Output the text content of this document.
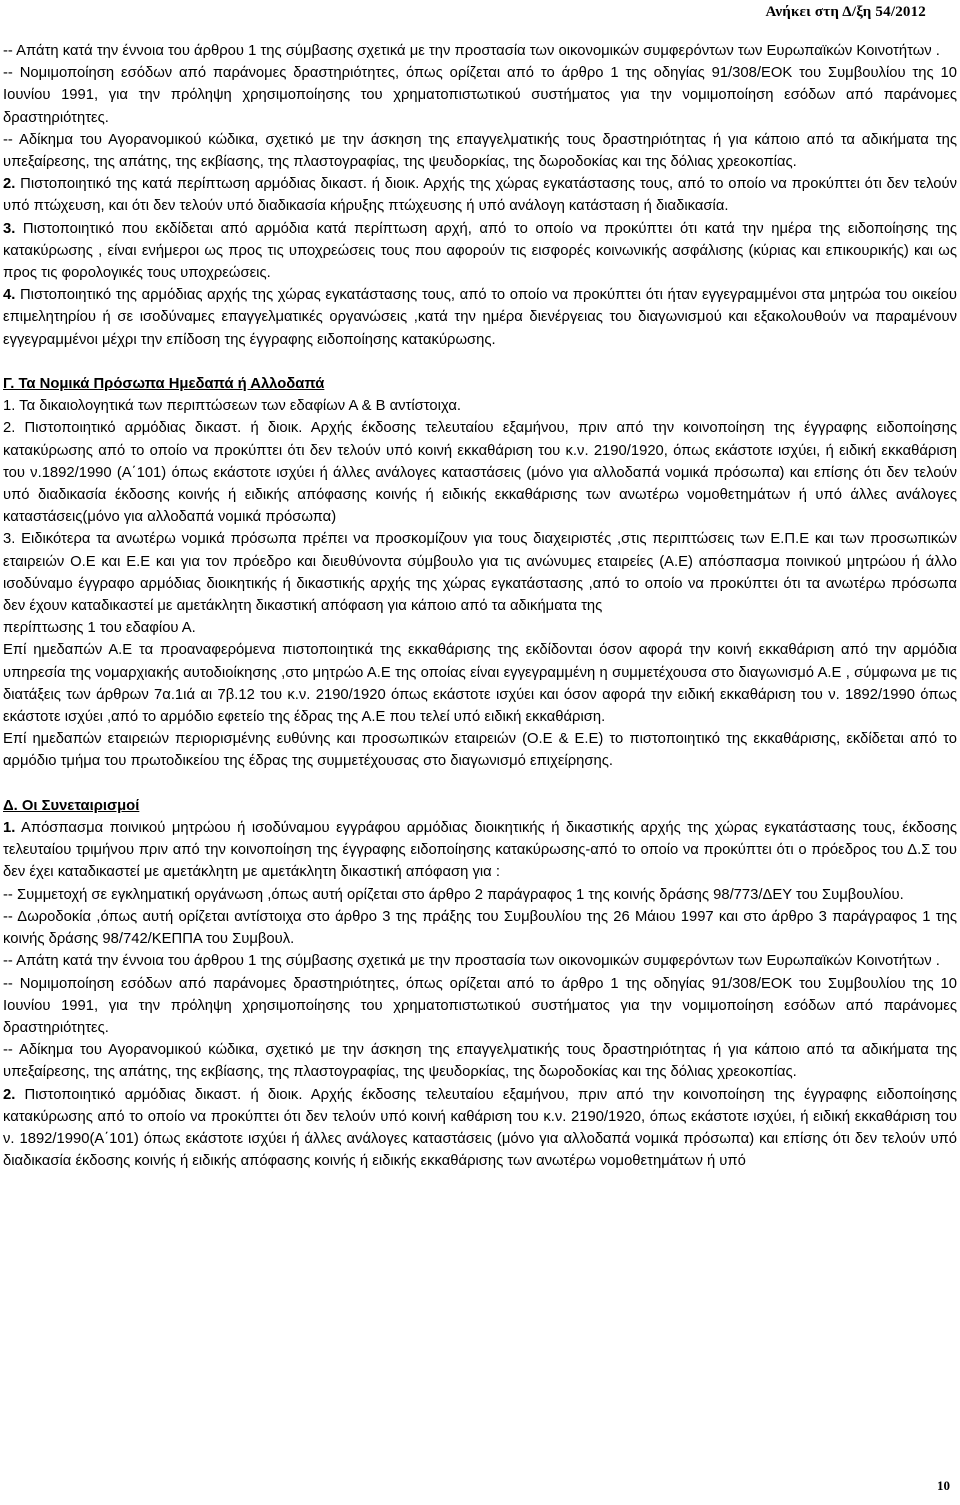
Ανήκει στη Δ/ξη 54/2012

-- Απάτη κατά την έννοια του άρθρου 1 της σύμβασης σχετικά με την προστασία των οικονομικών συμφερόντων των Ευρωπαϊκών Κοινοτήτων .

-- Νομιμοποίηση εσόδων από παράνομες δραστηριότητες, όπως ορίζεται από το άρθρο 1 της οδηγίας 91/308/ΕΟΚ του Συμβουλίου της 10 Ιουνίου 1991, για την πρόληψη χρησιμοποίησης του χρηματοπιστωτικού συστήματος για την νομιμοποίηση εσόδων από παράνομες δραστηριότητες.

-- Αδίκημα του Αγορανομικού κώδικα, σχετικό με την άσκηση της επαγγελματικής τους δραστηριότητας ή για κάποιο από τα αδικήματα της υπεξαίρεσης, της απάτης, της εκβίασης, της πλαστογραφίας, της ψευδορκίας, της δωροδοκίας και της δόλιας χρεοκοπίας.

2. Πιστοποιητικό της κατά περίπτωση αρμόδιας δικαστ. ή διοικ. Αρχής της χώρας εγκατάστασης τους, από το οποίο να προκύπτει ότι δεν τελούν υπό πτώχευση, και ότι δεν τελούν υπό διαδικασία κήρυξης πτώχευσης ή υπό ανάλογη κατάσταση ή διαδικασία.

3. Πιστοποιητικό που εκδίδεται από αρμόδια κατά περίπτωση αρχή, από το οποίο να προκύπτει ότι κατά την ημέρα της ειδοποίησης της κατακύρωσης , είναι ενήμεροι ως προς τις υποχρεώσεις τους που αφορούν τις εισφορές κοινωνικής ασφάλισης (κύριας και επικουρικής) και ως προς τις φορολογικές τους υποχρεώσεις.

4. Πιστοποιητικό της αρμόδιας αρχής της χώρας εγκατάστασης τους, από το οποίο να προκύπτει ότι ήταν εγγεγραμμένοι στα μητρώα του οικείου επιμελητηρίου ή σε ισοδύναμες επαγγελματικές οργανώσεις ,κατά την ημέρα διενέργειας του διαγωνισμού και εξακολουθούν να παραμένουν εγγεγραμμένοι μέχρι την επίδοση της έγγραφης ειδοποίησης κατακύρωσης.

Γ. Τα Νομικά Πρόσωπα Ημεδαπά ή Αλλοδαπά

1. Τα δικαιολογητικά των περιπτώσεων των εδαφίων Α & Β αντίστοιχα.

2. Πιστοποιητικό αρμόδιας δικαστ. ή διοικ. Αρχής έκδοσης τελευταίου εξαμήνου, πριν από την κοινοποίηση της έγγραφης ειδοποίησης κατακύρωσης από το οποίο να προκύπτει ότι δεν τελούν υπό κοινή εκκαθάριση του κ.ν. 2190/1920, όπως εκάστοτε ισχύει, ή ειδική εκκαθάριση του ν.1892/1990 (Α΄101) όπως εκάστοτε ισχύει ή άλλες ανάλογες καταστάσεις (μόνο για αλλοδαπά νομικά πρόσωπα) και επίσης ότι δεν τελούν υπό διαδικασία έκδοσης κοινής ή ειδικής απόφασης κοινής ή ειδικής εκκαθάρισης των ανωτέρω νομοθετημάτων ή υπό άλλες ανάλογες καταστάσεις(μόνο για αλλοδαπά νομικά πρόσωπα)

3. Ειδικότερα τα ανωτέρω νομικά πρόσωπα πρέπει να προσκομίζουν για τους διαχειριστές ,στις περιπτώσεις των Ε.Π.Ε και των προσωπικών εταιρειών Ο.Ε και Ε.Ε και για τον πρόεδρο και διευθύνοντα σύμβουλο για τις ανώνυμες εταιρείες (Α.Ε) απόσπασμα ποινικού μητρώου ή άλλο ισοδύναμο έγγραφο αρμόδιας διοικητικής ή δικαστικής αρχής της χώρας εγκατάστασης ,από το οποίο να προκύπτει ότι τα ανωτέρω πρόσωπα δεν έχουν καταδικαστεί με αμετάκλητη δικαστική απόφαση για κάποιο από τα αδικήματα της

περίπτωσης 1 του εδαφίου Α.

Επί ημεδαπών Α.Ε τα προαναφερόμενα πιστοποιητικά της εκκαθάρισης της εκδίδονται όσον αφορά την κοινή εκκαθάριση από την αρμόδια υπηρεσία της νομαρχιακής αυτοδιοίκησης ,στο μητρώο Α.Ε της οποίας είναι εγγεγραμμένη η συμμετέχουσα στο διαγωνισμό Α.Ε , σύμφωνα με τις διατάξεις των άρθρων 7α.1ιά αι 7β.12 του κ.ν. 2190/1920 όπως εκάστοτε ισχύει και όσον αφορά την ειδική εκκαθάριση του ν. 1892/1990 όπως εκάστοτε ισχύει ,από το αρμόδιο εφετείο της έδρας της Α.Ε που τελεί υπό ειδική εκκαθάριση.

Επί ημεδαπών εταιρειών περιορισμένης ευθύνης και προσωπικών εταιρειών (Ο.Ε & Ε.Ε) το πιστοποιητικό της εκκαθάρισης, εκδίδεται από το αρμόδιο τμήμα του πρωτοδικείου της έδρας της συμμετέχουσας στο διαγωνισμό επιχείρησης.

Δ. Οι Συνεταιρισμοί

1. Απόσπασμα ποινικού μητρώου ή ισοδύναμου εγγράφου αρμόδιας διοικητικής ή δικαστικής αρχής της χώρας εγκατάστασης τους, έκδοσης τελευταίου τριμήνου πριν από την κοινοποίηση της έγγραφης ειδοποίησης κατακύρωσης-από το οποίο να προκύπτει ότι ο πρόεδρος του Δ.Σ του δεν έχει καταδικαστεί με αμετάκλητη με αμετάκλητη δικαστική απόφαση για :

-- Συμμετοχή σε εγκληματική οργάνωση ,όπως αυτή ορίζεται στο άρθρο 2 παράγραφος 1 της κοινής δράσης 98/773/ΔΕΥ του Συμβουλίου.

-- Δωροδοκία ,όπως αυτή ορίζεται αντίστοιχα στο άρθρο 3 της πράξης του Συμβουλίου της 26 Μάιου 1997 και στο άρθρο 3 παράγραφος 1 της κοινής δράσης 98/742/ΚΕΠΠΑ του Συμβουλ.

-- Απάτη κατά την έννοια του άρθρου 1 της σύμβασης σχετικά με την προστασία των οικονομικών συμφερόντων των Ευρωπαϊκών Κοινοτήτων .

-- Νομιμοποίηση εσόδων από παράνομες δραστηριότητες, όπως ορίζεται από το άρθρο 1 της οδηγίας 91/308/ΕΟΚ του Συμβουλίου της 10 Ιουνίου 1991, για την πρόληψη χρησιμοποίησης του χρηματοπιστωτικού συστήματος για την νομιμοποίηση εσόδων από παράνομες δραστηριότητες.

-- Αδίκημα του Αγορανομικού κώδικα, σχετικό με την άσκηση της επαγγελματικής τους δραστηριότητας ή για κάποιο από τα αδικήματα της υπεξαίρεσης, της απάτης, της εκβίασης, της πλαστογραφίας, της ψευδορκίας, της δωροδοκίας και της δόλιας χρεοκοπίας.

2. Πιστοποιητικό αρμόδιας δικαστ. ή διοικ. Αρχής έκδοσης τελευταίου εξαμήνου, πριν από την κοινοποίηση της έγγραφης ειδοποίησης κατακύρωσης από το οποίο να προκύπτει ότι δεν τελούν υπό κοινή καθάριση του κ.ν. 2190/1920, όπως εκάστοτε ισχύει, ή ειδική εκκαθάριση του ν. 1892/1990(Α΄101) όπως εκάστοτε ισχύει ή άλλες ανάλογες καταστάσεις (μόνο για αλλοδαπά νομικά πρόσωπα) και επίσης ότι δεν τελούν υπό διαδικασία έκδοσης κοινής ή ειδικής απόφασης κοινής ή ειδικής εκκαθάρισης των ανωτέρω νομοθετημάτων ή υπό

10
